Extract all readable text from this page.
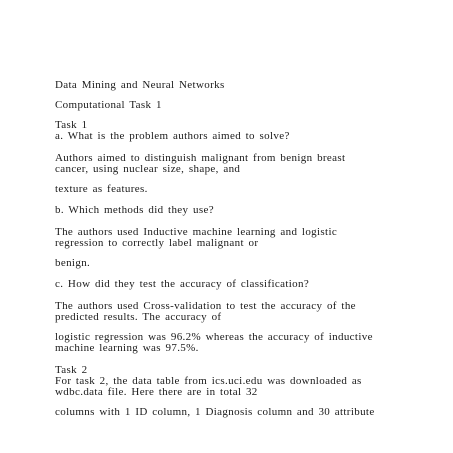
Data Mining and Neural Networks
Computational Task 1
Task 1
a. What is the problem authors aimed to solve?
Authors aimed to distinguish malignant from benign breast
cancer, using nuclear size, shape, and
texture as features.
b. Which methods did they use?
The authors used Inductive machine learning and logistic
regression to correctly label malignant or
benign.
c. How did they test the accuracy of classification?
The authors used Cross-validation to test the accuracy of the
predicted results. The accuracy of
logistic regression was 96.2% whereas the accuracy of inductive
machine learning was 97.5%.
Task 2
For task 2, the data table from ics.uci.edu was downloaded as
wdbc.data file. Here there are in total 32
columns with 1 ID column, 1 Diagnosis column and 30 attribute
